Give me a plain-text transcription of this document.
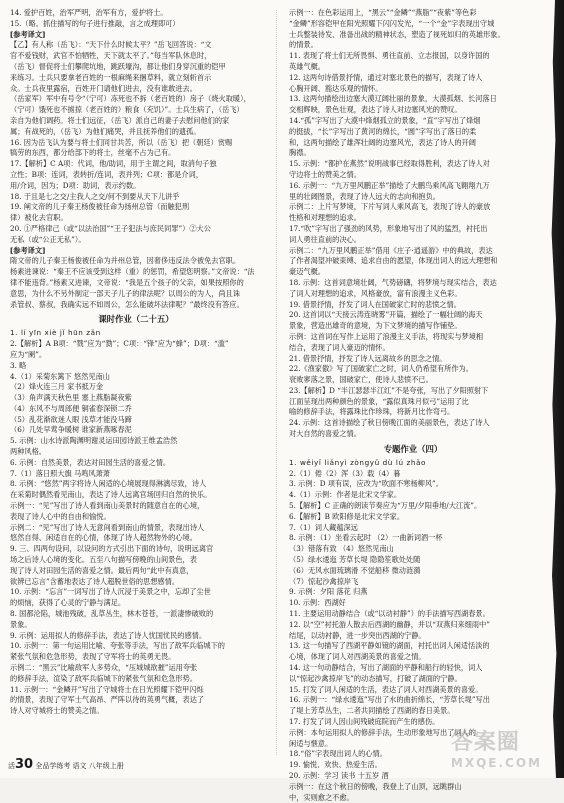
14. 爱护百姓，治军严明，治军有方，爱护将士。
15.（略。抓住描写的句子进行推敲，言之成理即可）
[参考译文]
【乙】有人称（岳飞）：“天下什么时候太平？”岳飞回答说：“文
官不爱钱财，武官不怕牺牲，天下就太平了。”每当军队休息时，
（岳飞）督促将士们攀爬坑地，跳跃壕沟，都让他们身穿沉重的铠甲
来练习。士兵只要拿老百姓的一根麻绳来捆草料，就立刻斩首示
众。士兵夜里露宿，百姓开门请他们进去，没有谁敢进去。
（岳家军）军中有号令“（宁可）冻死也不拆（老百姓的）房子（烧火取暖），
（宁可）饿死也不掳掠（老百姓的）粮食（充饥）”。士兵生病了，（岳飞）
亲自为他们调药。将士们远征，（岳飞）派自己的妻子去慰问他们的家
属；有战死的，（岳飞）为他们痛哭，并且抚养他们的遗孤。
16. 因为岳飞认为要与将士们同甘共苦，所以（岳飞）把（朝廷）赏赐
犒劳的东西，都分给部下的将士，丝毫不占为己有。
17.【解析】C A项：代词，他/助词，用于主谓之间，取消句子独
立性；B项：连词，表转折/连词，表并列；C项：都是介词，
用/介词，因为；D项：助词，表示约数。
18. 于且是七之交/主我人之交/何不到要从天下儿讲乎
19. 阐文帝的儿子秦王杨俊被任命为扬州总管（而触犯刑
律）被化去官职。
20. ①严格律己（或“以法治国”“王子犯法与庶民同罪”）②大公
无私（或“公正无私”）。
[参考译文]
隋文帝的儿子秦王杨俊被任命为并州总管，因奢侈违反法令被免去官职。
杨素进谏说：“秦王不应该受到这样（重）的惩罚，希望您明察。”文帝说：“法
律不能违背。”杨素又进谏，文帝说：“我是五个孩子的父亲，如果按照你的
意思，为什么不另外制定一部天子儿子的律法呢？以周公的为人，尚且诛
杀管叔、蔡叔，我确实远不如周公，怎么能破坏法律呢？”最终没有答应。
课时作业（二十五）
1. lí yīn xiè jǐ hūn zǎn
2.【解析】A B项：“戮”应为“勠”；C项：“锋”应为“蜂”；D项：“滥”
应为“阑”。
3. 略
4.（1）采菊东篱下 悠然见南山
（2）烽火连三月 家书抵万金
（3）角声满天秋色里 塞上燕脂凝夜紫
（4）东风不与周郎便 铜雀春深锁二乔
（5）乱花渐欲迷人眼 浅草才能没马蹄
（6）几处早莺争暖树 谁家新燕啄春泥
5. 示例：山水诗派陶渊明谢灵运田园诗派王维孟浩然
两种风格。
6. 示例：自然美景，表达对田园生活的喜爱之情。
7.（1）落日照大旗 马鸣风萧萧
8. 示例：“悠然”两字将诗人闲适的心境展现得淋漓尽致，诗人
在采菊时偶然看见南山，表达了诗人远离官场回归自然的快乐。
示例一：“见”写出了诗人看到南山美景时的随意自在的心境，
表现了诗人心中的自由和愉悦。
示例二：“见”写出了诗人无意间看到南山的情景，表现出诗人
悠然自得、闲适自在的心情，体现了诗人超然物外的心境。
9. 三、四两句设问，以设问的方式引出下面的诗句，说明远离官
场之后诗人心境的变化。五至八句描写傍晚的山间景色，表
现了诗人对田园生活的喜爱之情。最后两句“此中有真意，
欲辨已忘言”含蓄地表达了诗人超脱世俗的思想感情。
10. 示例：“忘言”一词写出了诗人沉浸于美景之中，忘却了尘世
的烦恼，获得了心灵的宁静与满足。
8. 国都沦陷，城池残破，乱草丛生，林木苍苍，一派凄惨破败的
景象。
9. 示例：运用拟人的修辞手法，表达了诗人忧国忧民的感情。
10. 示例一：第一句运用比喻、夸张等手法，写出了敌军兵临城下的
紧张气氛和危急形势，表现了守军将士的英勇无畏。
示例二：“黑云”比喻敌军人多势众，“压城城欲摧”运用夸张
的修辞手法，渲染了敌军兵临城下的紧张气氛和危急形势。
11. 示例一：“金鳞开”写出了守城将士在日光照耀下铠甲闪烁
的情景，表现了守军士气高昂、严阵以待的英勇气概，表达了
诗人对守城将士的赞美之情。
示例一：在色彩运用上，“黑云”“金鳞”“燕脂”“夜紫”等色彩
“金鳞”形容铠甲在阳光照耀下闪闪发光，“一个“金”字表现出守城
士兵整装待发、准备出战的精神状态，塑造了视死如归的英雄形象。
的情景。
11. 表现了将士们无所畏惧、勇往直前、立志报国，以身许国的
英雄气概。
12. 这两句诗借景抒情，通过对塞北景色的描写，表现了诗人
心胸开阔、豁达乐观的情怀。
13. 这两句描绘出边塞大漠辽阔壮丽的景象，大漠孤烟、长河落日
交相辉映，景色壮观，表达了诗人对边塞风光的赞叹。
14.“孤”字写出了大漠中烽烟孤立的景象，“直”字写出了烽烟
的挺拔，“长”字写出了黄河的绵长，“圆”字写出了落日的柔
和，这两句描绘了雄浑壮阔的边塞风光，表达了诗人的开阔
胸襟。
15. 示例：“都护在燕然”说明战事已经取得胜利，表达了诗人对
守边将士的赞美之情。
16. 示例一：“九万里风鹏正举”描绘了大鹏鸟乘风高飞翱翔九万
里的壮阔图景，表现了诗人远大的志向和抱负。
示例二：上片写梦境，下片写词人乘风高飞，表现了诗人的豪放
性格和对理想的追求。
17.“吹”字写出了强劲的风势，形象地写出了风的猛烈，衬托出
词人勇往直前的决心。
示例二：“九万里风鹏正举”借用《庄子·逍遥游》中的典故，表达
了作者渴望冲破束缚、追求自由的愿望，体现出词人的远大理想和
豪迈气概。
18. 示例：这首词意境壮阔，气势磅礴，将梦境与现实结合，表达
了词人对理想的追求，风格豪放，富有浪漫主义色彩。
19. 借景抒情，抒发了词人在国破家亡时的悲愤之情。
20. 这首词以“天接云涛连晓雾”开篇，描绘了一幅壮阔的海天
景象，营造出雄奇的意境，为下文梦境的描写作铺垫。
示例：这首词在写作上运用了浪漫主义手法，将现实与梦境相
结合，表现了词人豪迈的情怀。
21. 借景抒情，抒发了诗人远离故乡的思念之情。
22.《渔家傲》写了国破家亡之时，词人仍希望有所作为。
衰败寥落之景，国破家亡，使诗人悲愤不已。
23.【解析】D “半江瑟瑟半江红”不是夸张，写出了夕阳照射下
江面呈现出两种颜色的景象，“露似真珠月似弓”运用了比
喻的修辞手法，将露珠比作珍珠，将新月比作弯弓。
24. 示例：这首诗描绘了秋日傍晚江面的美丽景色，表达了诗人
对大自然的喜爱之情。
专题作业（四）
1. wěiyǐ liǎnyì zòngyǔ dù lú zhǎo
2.（1）倦（2）浑（3）载（4）暮
3. 示例：D 项有误，应改为“吹面不寒杨柳风”。
4.（1）示例：作者是北宋文学家。
5.【解析】C 正确的朗读节奏应为“万里/夕阳垂地/大江流”。
6.【解析】B 欧阳修是北宋文学家。
7.（1）词人藏蕴深远
8. 示例：（1）坐看云起时 （2）一曲新词酒一杯
（3）错落有致 （4）悠然见南山
（5）绿水逶迤 芳草长堤 隐隐笙歌处处随
（6）无风水面琉璃滑 不觉船移 微动涟漪
（7）惊起沙禽掠岸飞
9. 示例：夕阳 落花 归燕
10. 示例：西湖好
11. 主要运用动静结合（或“以动衬静”）的手法描写西湖春景。
12. 以“空”衬托游人散去后西湖的幽静，并以“双燕归来细雨中”
结尾，以动衬静，进一步突出西湖的宁静。
13. 这一句描写了西湖平静如镜的湖面，衬托出词人闲适恬淡的
心境，体现了词人对西湖美景的喜爱之情。
14. 这一句动静结合，写出了湖面的平静和船行的轻快，词人
以“惊起沙禽掠岸飞”的动态描写，打破了湖面的宁静。
15. 打发了词人闲适的生活，表达了词人对西湖美景的喜爱。
16. 示例一：“绿水逶迤”写出了水的曲折绵长，“芳草长堤”写出
了堤上芳草丛生，二者共同描绘了西湖的春日美景。
17. 打发了词人因山间残破庭院而产生的感伤。
示例：本句运用拟人的修辞手法，生动形象地写出了词人的
闲适与惬意。
18.“俗”字表现出词人的心情。
19. 愉悦、欢快、热爱生活。
20. 示例：学习 读书 十五岁 酒
示例一：在这个秋日的傍晚，我登上了山顶，远眺群山
中，实则愈之不愈。
活30 全品学练考 语文 八年级上册
答案圈
MXQE.COM
